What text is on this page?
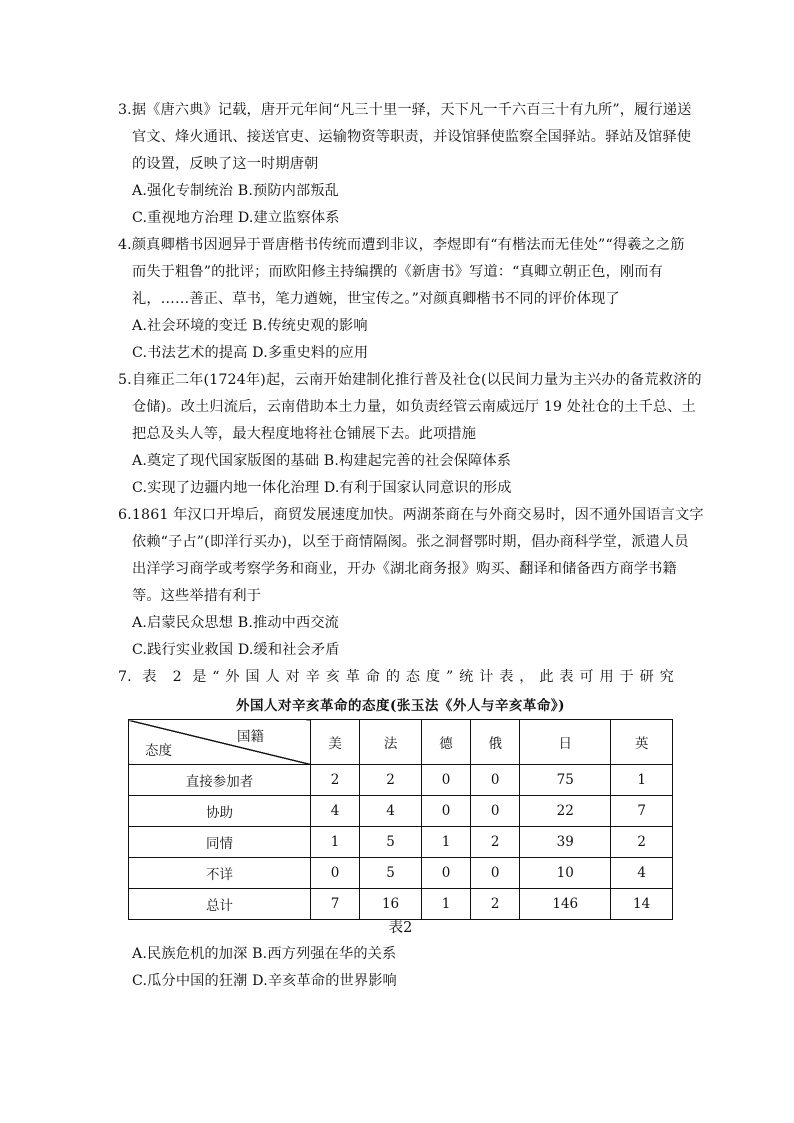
3.据《唐六典》记载，唐开元年间“凡三十里一驿，天下凡一千六百三十有九所”，履行递送
官文、烽火通讯、接送官吏、运输物资等职责，并设馆驿使监察全国驿站。驿站及馆驿使
的设置，反映了这一时期唐朝
A.强化专制统治 B.预防内部叛乱
C.重视地方治理 D.建立监察体系
4.颜真卿楷书因迥异于晋唐楷书传统而遭到非议，李煜即有“有楷法而无佳处”“得羲之之筋
而失于粗鲁”的批评；而欧阳修主持编撰的《新唐书》写道：“真卿立朝正色，刚而有
礼，……善正、草书，笔力遒婉，世宝传之。”对颜真卿楷书不同的评价体现了
A.社会环境的变迁 B.传统史观的影响
C.书法艺术的提高 D.多重史料的应用
5.自雍正二年(1724年)起，云南开始建制化推行普及社仓(以民间力量为主兴办的备荒救济的
仓储)。改土归流后，云南借助本土力量，如负责经管云南威远厅 19 处社仓的土千总、土
把总及头人等，最大程度地将社仓铺展下去。此项措施
A.奠定了现代国家版图的基础 B.构建起完善的社会保障体系
C.实现了边疆内地一体化治理 D.有利于国家认同意识的形成
6.1861 年汉口开埠后，商贸发展速度加快。两湖茶商在与外商交易时，因不通外国语言文字
依赖“子占”(即洋行买办)，以至于商情隔阂。张之洞督鄂时期，倡办商科学堂，派遣人员
出洋学习商学或考察学务和商业，开办《湖北商务报》购买、翻译和储备西方商学书籍
等。这些举措有利于
A.启蒙民众思想 B.推动中西交流
C.践行实业救国 D.缓和社会矛盾
7. 表 2 是“外国人对辛亥革命的态度”统计表，此表可用于研究
外国人对辛亥革命的态度(张玉法《外人与辛亥革命》)
国籍
态度	美	法	德	俄	日	英
直接参加者	2	2	0	0	75	1
协助	4	4	0	0	22	7
同情	1	5	1	2	39	2
不详	0	5	0	0	10	4
总计	7	16	1	2	146	14
表2
A.民族危机的加深 B.西方列强在华的关系
C.瓜分中国的狂潮 D.辛亥革命的世界影响
